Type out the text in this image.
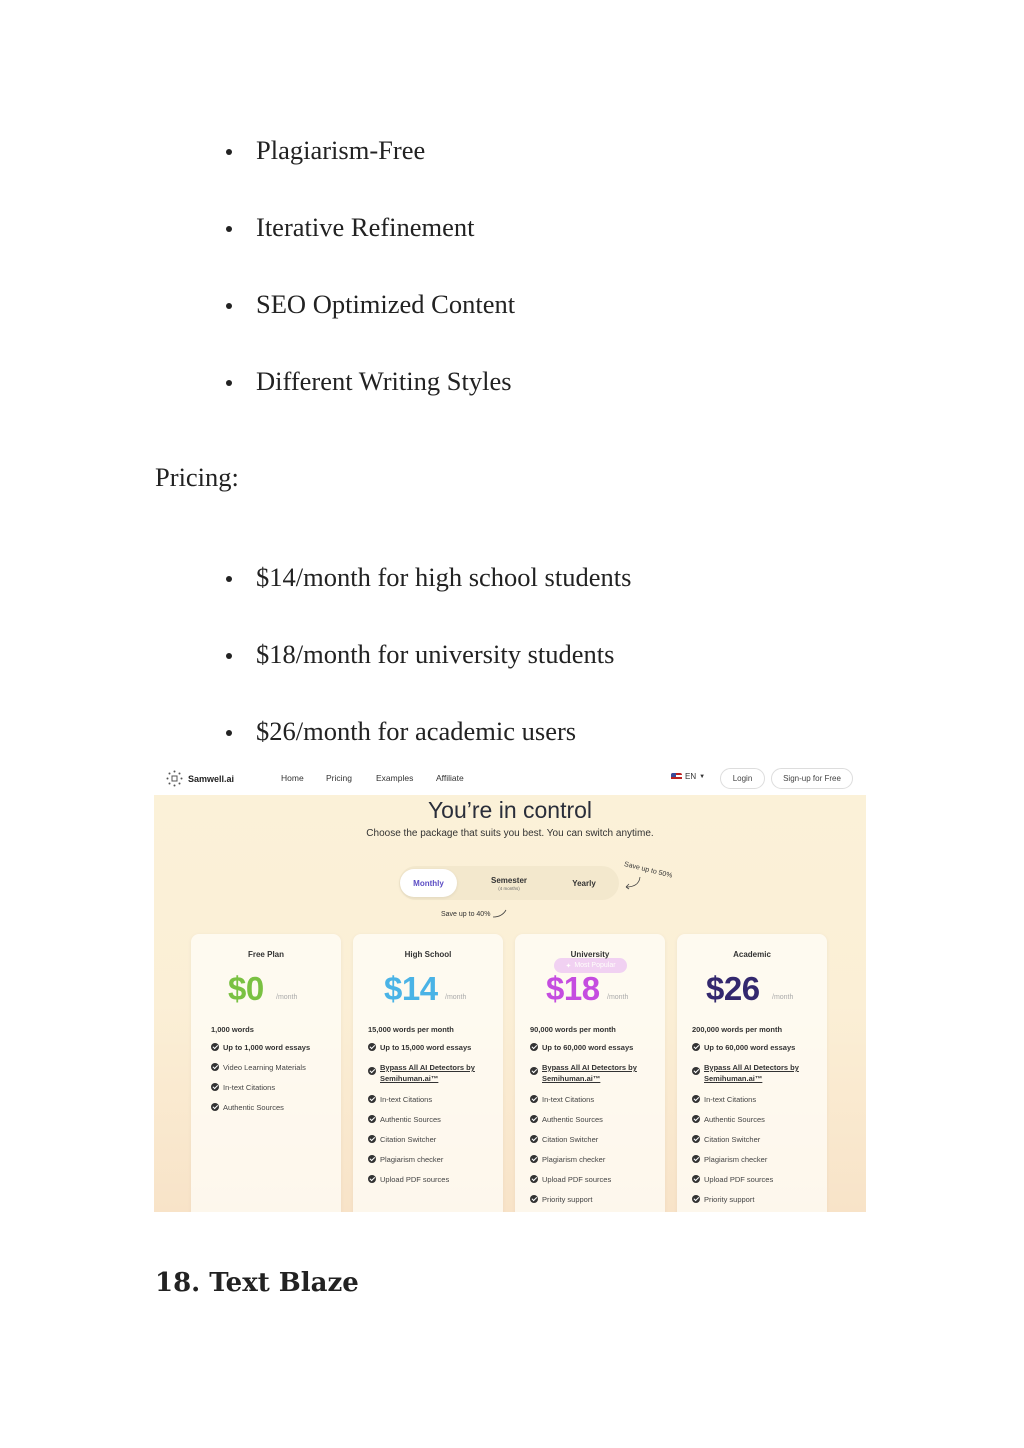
Plagiarism-Free
Iterative Refinement
SEO Optimized Content
Different Writing Styles
Pricing:
$14/month for high school students
$18/month for university students
$26/month for academic users
Samwell.ai	Home	Pricing	Examples	Affiliate	EN ▼	Login	Sign-up for Free
You’re in control
Choose the package that suits you best. You can switch anytime.
Monthly	Semester
(4 months)
Yearly
Save up to 40%
Save up to 50%
Free Plan
$0 /month
1,000 words
Up to 1,000 word essays
Video Learning Materials
In-text Citations
Authentic Sources
High School
$14 /month
15,000 words per month
Up to 15,000 word essays
Bypass All AI Detectors by Semihuman.ai™
In-text Citations
Authentic Sources
Citation Switcher
Plagiarism checker
Upload PDF sources
University
$18 /month
90,000 words per month
Up to 60,000 word essays
Bypass All AI Detectors by Semihuman.ai™
In-text Citations
Authentic Sources
Citation Switcher
Plagiarism checker
Upload PDF sources
Priority support
Academic
$26 /month
200,000 words per month
Up to 60,000 word essays
Bypass All AI Detectors by Semihuman.ai™
In-text Citations
Authentic Sources
Citation Switcher
Plagiarism checker
Upload PDF sources
Priority support
18. Text Blaze
